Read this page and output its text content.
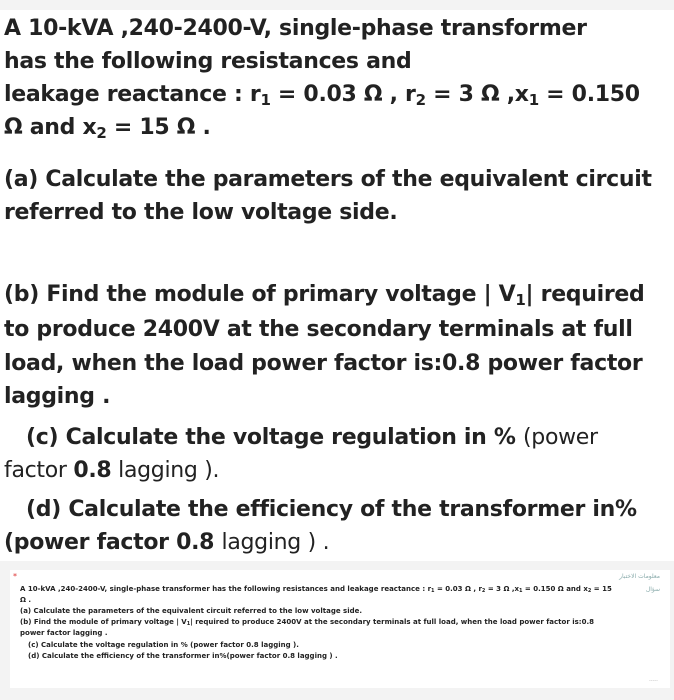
A 10-kVA ,240-2400-V, single-phase transformer
has the following resistances and
leakage reactance : $r_1 = 0.03$ Ω , $r_2 = 3$ Ω $,x_1 = 0.150$
Ω and $x_2 = 15$ Ω .
(a) Calculate the parameters of the equivalent circuit
referred to the low voltage side.
(b) Find the module of primary voltage | $V_1|$ required
to produce 2400V at the secondary terminals at full
load, when the load power factor is:0.8 power factor
lagging .
(c) Calculate the voltage regulation in % (power
factor 0.8 lagging ).
(d) Calculate the efficiency of the transformer in%
(power factor 0.8 lagging ) .
*	معلومات الاختبار
سؤال
A 10-kVA ,240-2400-V, single-phase transformer has the following resistances and leakage reactance : $r_1 = 0.03$ Ω , $r_2 = 3$ Ω $,x_1 = 0.150$ Ω and $x_2 = 15$
Ω .
(a) Calculate the parameters of the equivalent circuit referred to the low voltage side.
(b) Find the module of primary voltage | $V_1|$ required to produce 2400V at the secondary terminals at full load, when the load power factor is:0.8
power factor lagging .
(c) Calculate the voltage regulation in % (power factor 0.8 lagging ).
(d) Calculate the efficiency of the transformer in%(power factor 0.8 lagging ) .
-----
